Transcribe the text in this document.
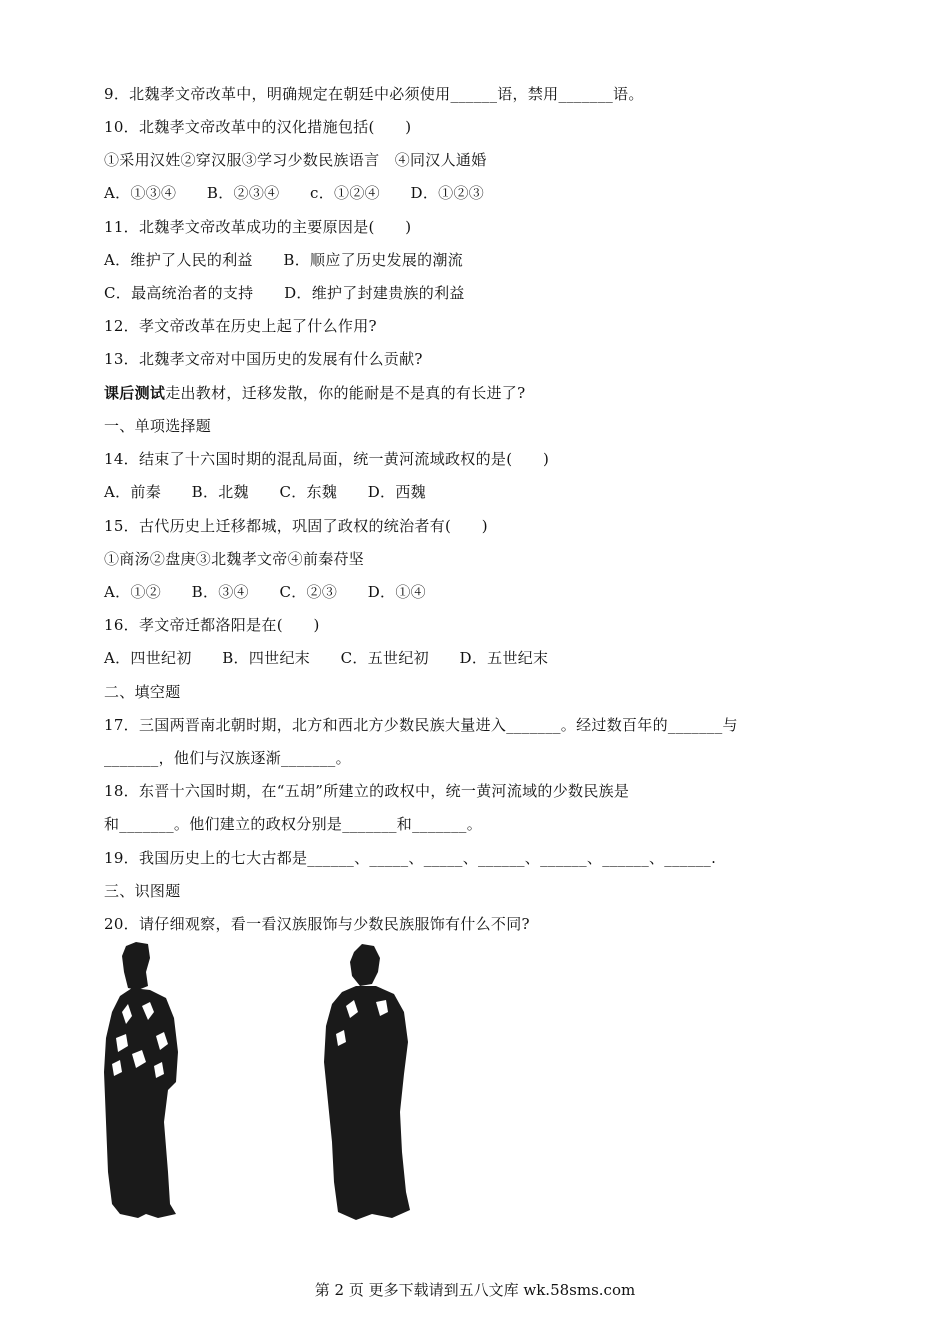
9．北魏孝文帝改革中，明确规定在朝廷中必须使用______语，禁用_______语。
10．北魏孝文帝改革中的汉化措施包括(　　)
①采用汉姓②穿汉服③学习少数民族语言　④同汉人通婚
A．①③④　　B．②③④　　c．①②④　　D．①②③
11．北魏孝文帝改革成功的主要原因是(　　)
A．维护了人民的利益　　B．顺应了历史发展的潮流
C．最高统治者的支持　　D．维护了封建贵族的利益
12．孝文帝改革在历史上起了什么作用?
13．北魏孝文帝对中国历史的发展有什么贡献?
课后测试走出教材，迁移发散，你的能耐是不是真的有长进了?
一、单项选择题
14．结束了十六国时期的混乱局面，统一黄河流域政权的是(　　)
A．前秦　　B．北魏　　C．东魏　　D．西魏
15．古代历史上迁移都城，巩固了政权的统治者有(　　)
①商汤②盘庚③北魏孝文帝④前秦苻坚
A．①②　　B．③④　　C．②③　　D．①④
16．孝文帝迁都洛阳是在(　　)
A．四世纪初　　B．四世纪末　　C．五世纪初　　D．五世纪末
二、填空题
17．三国两晋南北朝时期，北方和西北方少数民族大量进入_______。经过数百年的_______与
_______，他们与汉族逐渐_______。
18．东晋十六国时期，在“五胡”所建立的政权中，统一黄河流域的少数民族是
和_______。他们建立的政权分别是_______和_______。
19．我国历史上的七大古都是______、_____、_____、______、______、______、______.
三、识图题
20．请仔细观察，看一看汉族服饰与少数民族服饰有什么不同?
第 2 页 更多下载请到五八文库 wk.58sms.com
